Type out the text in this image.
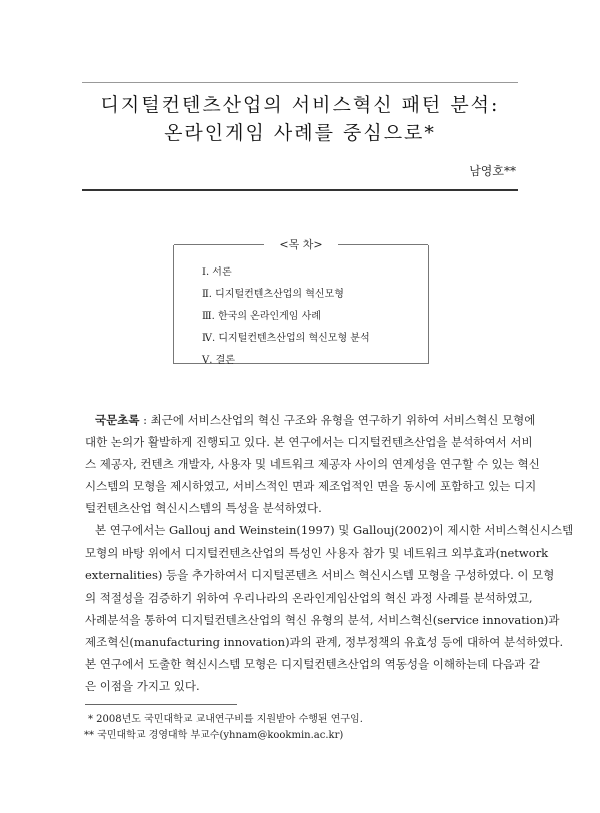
디지털컨텐츠산업의 서비스혁신 패턴 분석:
온라인게임 사례를 중심으로*
남영호**
<목 차>
Ⅰ. 서론
Ⅱ. 디지털컨텐츠산업의 혁신모형
Ⅲ. 한국의 온라인게임 사례
Ⅳ. 디지털컨텐츠산업의 혁신모형 분석
Ⅴ. 결론
국문초록 : 최근에 서비스산업의 혁신 구조와 유형을 연구하기 위하여 서비스혁신 모형에
대한 논의가 활발하게 진행되고 있다. 본 연구에서는 디지털컨텐츠산업을 분석하여서 서비
스 제공자, 컨텐츠 개발자, 사용자 및 네트워크 제공자 사이의 연계성을 연구할 수 있는 혁신
시스템의 모형을 제시하였고, 서비스적인 면과 제조업적인 면을 동시에 포함하고 있는 디지
털컨텐츠산업 혁신시스템의 특성을 분석하였다.
본 연구에서는 Gallouj and Weinstein(1997) 및 Gallouj(2002)이 제시한 서비스혁신시스템
모형의 바탕 위에서 디지털컨텐츠산업의 특성인 사용자 참가 및 네트워크 외부효과(network
externalities) 등을 추가하여서 디지털콘텐츠 서비스 혁신시스템 모형을 구성하였다. 이 모형
의 적절성을 검증하기 위하여 우리나라의 온라인게임산업의 혁신 과정 사례를 분석하였고,
사례분석을 통하여 디지털컨텐츠산업의 혁신 유형의 분석, 서비스혁신(service innovation)과
제조혁신(manufacturing innovation)과의 관계, 정부정책의 유효성 등에 대하여 분석하였다.
본 연구에서 도출한 혁신시스템 모형은 디지털컨텐츠산업의 역동성을 이해하는데 다음과 같
은 이점을 가지고 있다.
* 2008년도 국민대학교 교내연구비를 지원받아 수행된 연구임.
** 국민대학교 경영대학 부교수(yhnam@kookmin.ac.kr)
